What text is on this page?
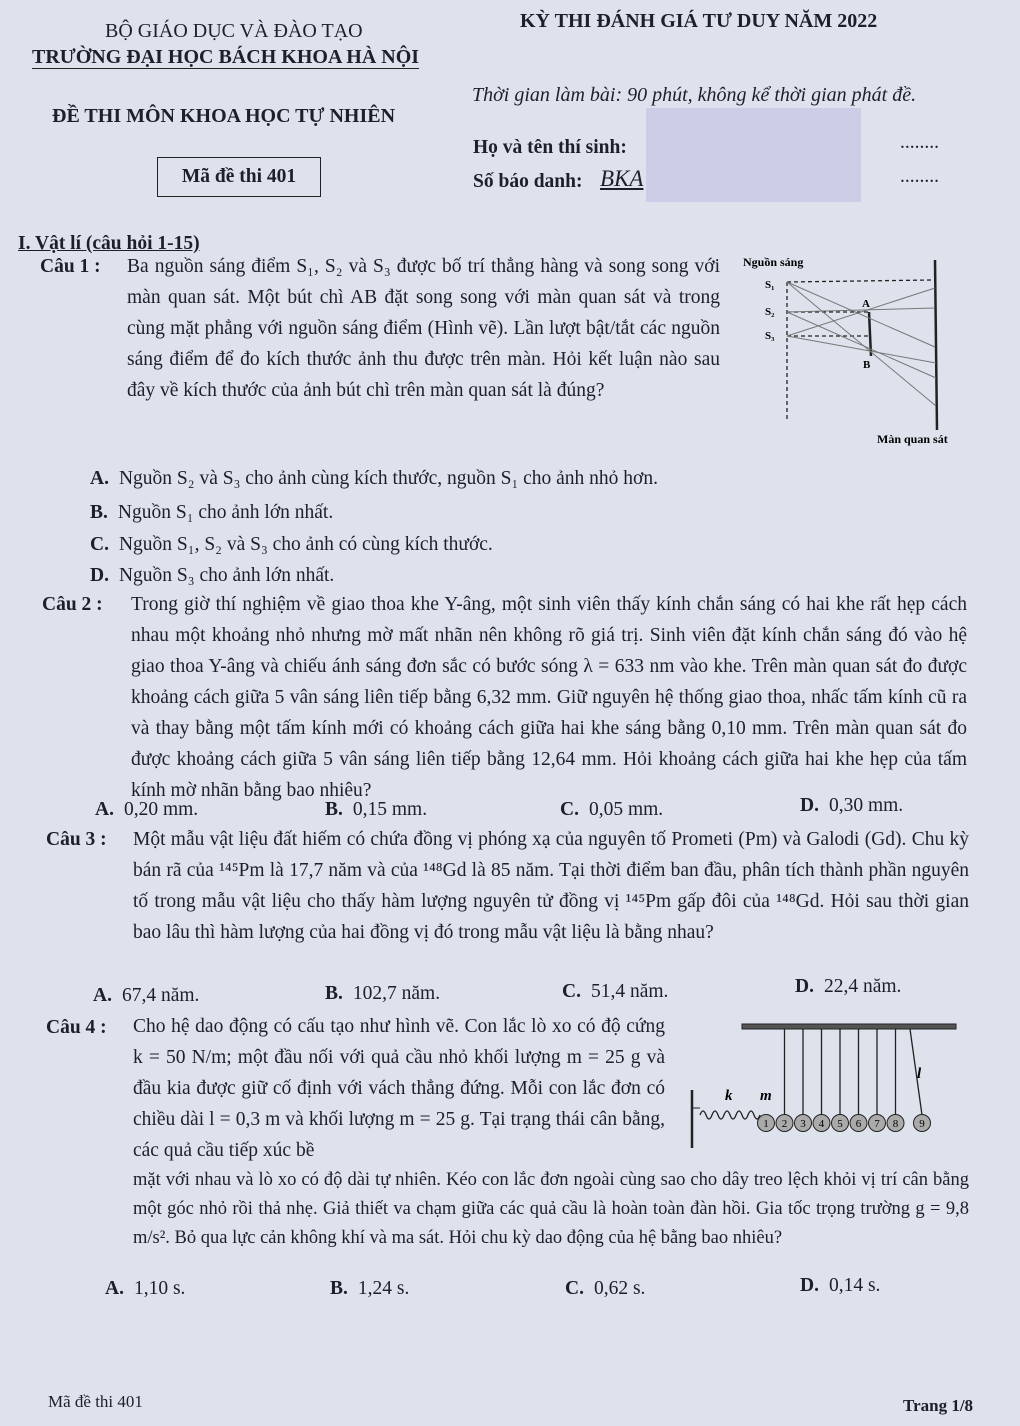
BỘ GIÁO DỤC VÀ ĐÀO TẠO
TRƯỜNG ĐẠI HỌC BÁCH KHOA HÀ NỘI
KỲ THI ĐÁNH GIÁ TƯ DUY NĂM 2022
ĐỀ THI MÔN KHOA HỌC TỰ NHIÊN
Thời gian làm bài: 90 phút, không kể thời gian phát đề.
Họ và tên thí sinh:	........
Số báo danh: BKA	........
Mã đề thi 401
I. Vật lí (câu hỏi 1-15)
Câu 1 : Ba nguồn sáng điểm S₁, S₂ và S₃ được bố trí thẳng hàng và song song với màn quan sát. Một bút chì AB đặt song song với màn quan sát và trong cùng mặt phẳng với nguồn sáng điểm (Hình vẽ). Lần lượt bật/tắt các nguồn sáng điểm để đo kích thước ảnh thu được trên màn. Hỏi kết luận nào sau đây về kích thước của ảnh bút chì trên màn quan sát là đúng?
Nguồn sáng
S₁
S₂
S₃
A
B
Màn quan sát
A. Nguồn S₂ và S₃ cho ảnh cùng kích thước, nguồn S₁ cho ảnh nhỏ hơn.
B. Nguồn S₁ cho ảnh lớn nhất.
C. Nguồn S₁, S₂ và S₃ cho ảnh có cùng kích thước.
D. Nguồn S₃ cho ảnh lớn nhất.
Câu 2 : Trong giờ thí nghiệm về giao thoa khe Y-âng, một sinh viên thấy kính chắn sáng có hai khe rất hẹp cách nhau một khoảng nhỏ nhưng mờ mất nhãn nên không rõ giá trị. Sinh viên đặt kính chắn sáng đó vào hệ giao thoa Y-âng và chiếu ánh sáng đơn sắc có bước sóng λ = 633 nm vào khe. Trên màn quan sát đo được khoảng cách giữa 5 vân sáng liên tiếp bằng 6,32 mm. Giữ nguyên hệ thống giao thoa, nhấc tấm kính cũ ra và thay bằng một tấm kính mới có khoảng cách giữa hai khe sáng bằng 0,10 mm. Trên màn quan sát đo được khoảng cách giữa 5 vân sáng liên tiếp bằng 12,64 mm. Hỏi khoảng cách giữa hai khe hẹp của tấm kính mờ nhãn bằng bao nhiêu?
A. 0,20 mm.	B. 0,15 mm.	C. 0,05 mm.	D. 0,30 mm.
Câu 3 : Một mẫu vật liệu đất hiếm có chứa đồng vị phóng xạ của nguyên tố Prometi (Pm) và Galodi (Gd). Chu kỳ bán rã của ¹⁴⁵Pm là 17,7 năm và của ¹⁴⁸Gd là 85 năm. Tại thời điểm ban đầu, phân tích thành phần nguyên tố trong mẫu vật liệu cho thấy hàm lượng nguyên tử đồng vị ¹⁴⁵Pm gấp đôi của ¹⁴⁸Gd. Hỏi sau thời gian bao lâu thì hàm lượng của hai đồng vị đó trong mẫu vật liệu là bằng nhau?
A. 67,4 năm.	B. 102,7 năm.	C. 51,4 năm.	D. 22,4 năm.
Câu 4 : Cho hệ dao động có cấu tạo như hình vẽ. Con lắc lò xo có độ cứng k = 50 N/m; một đầu nối với quả cầu nhỏ khối lượng m = 25 g và đầu kia được giữ cố định với vách thẳng đứng. Mỗi con lắc đơn có chiều dài l = 0,3 m và khối lượng m = 25 g. Tại trạng thái cân bằng, các quả cầu tiếp xúc bề
mặt với nhau và lò xo có độ dài tự nhiên. Kéo con lắc đơn ngoài cùng sao cho dây treo lệch khỏi vị trí cân bằng một góc nhỏ rồi thả nhẹ. Giả thiết va chạm giữa các quả cầu là hoàn toàn đàn hồi. Gia tốc trọng trường g = 9,8 m/s². Bỏ qua lực cản không khí và ma sát. Hỏi chu kỳ dao động của hệ bằng bao nhiêu?
k m
l
1 2 3 4 5 6 7 8 9
A. 1,10 s.	B. 1,24 s.	C. 0,62 s.	D. 0,14 s.
Mã đề thi 401	Trang 1/8
